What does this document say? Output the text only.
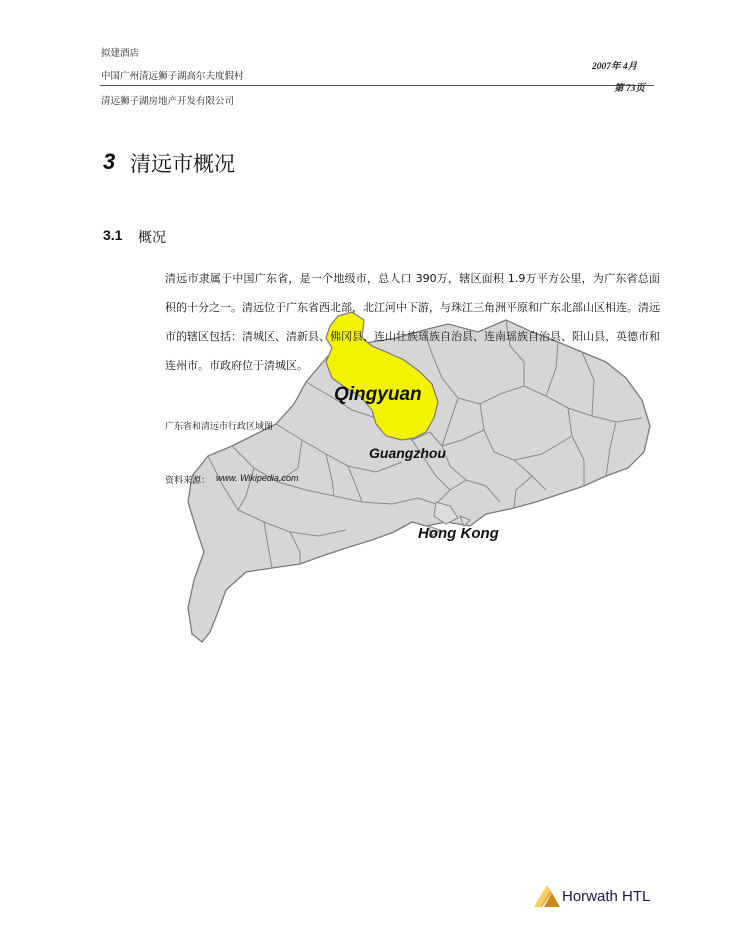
拟建酒店
中国广州清远狮子湖高尔夫度假村
2007年 4月
第 73页
清远狮子湖房地产开发有限公司
3 清远市概况
3.1 概况
Qingyuan
Guangzhou
Hong Kong
清远市隶属于中国广东省，是一个地级市，总人口 390万，辖区面积 1.9万平方公里，为广东省总面积的十分之一。清远位于广东省西北部，北江河中下游，与珠江三角洲平原和广东北部山区相连。清远市的辖区包括：清城区、清新县、佛冈县、连山壮族瑶族自治县、连南瑶族自治县、阳山县、英德市和连州市。市政府位于清城区。
广东省和清远市行政区域图
资料来源： www. Wikipedia.com
Horwath HTL
